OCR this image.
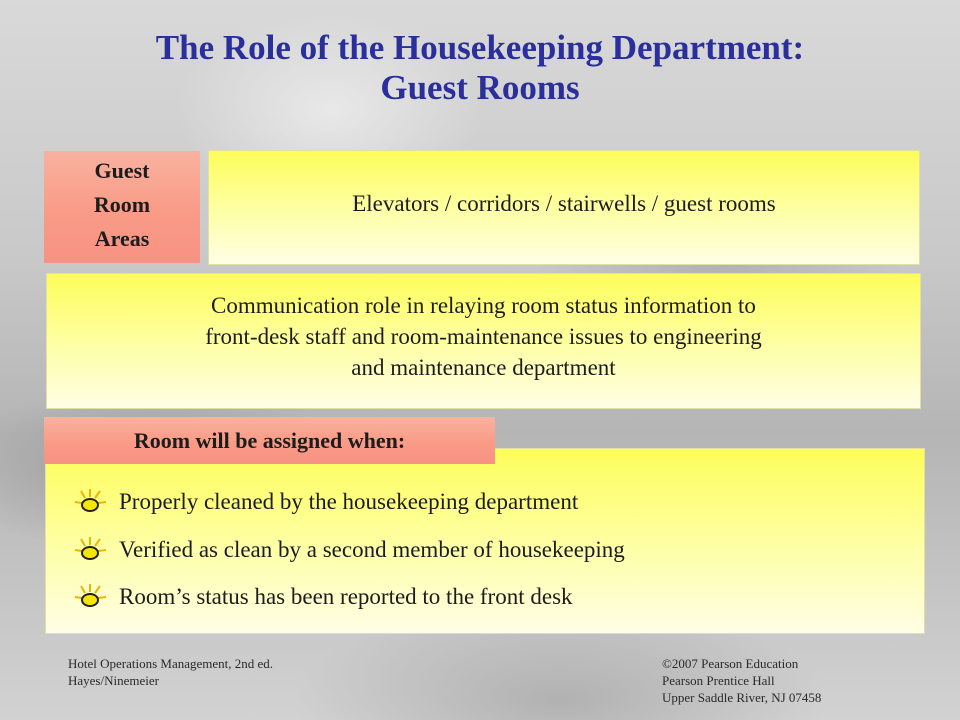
The Role of the Housekeeping Department:
Guest Rooms
Guest
Room
Areas
Elevators / corridors / stairwells / guest rooms
Communication role in relaying room status information to
front-desk staff and room-maintenance issues to engineering
and maintenance department
Room will be assigned when:
Properly cleaned by the housekeeping department
Verified as clean by a second member of housekeeping
Room’s status has been reported to the front desk
Hotel Operations Management, 2nd ed.
Hayes/Ninemeier
©2007 Pearson Education
Pearson Prentice Hall
Upper Saddle River, NJ 07458
